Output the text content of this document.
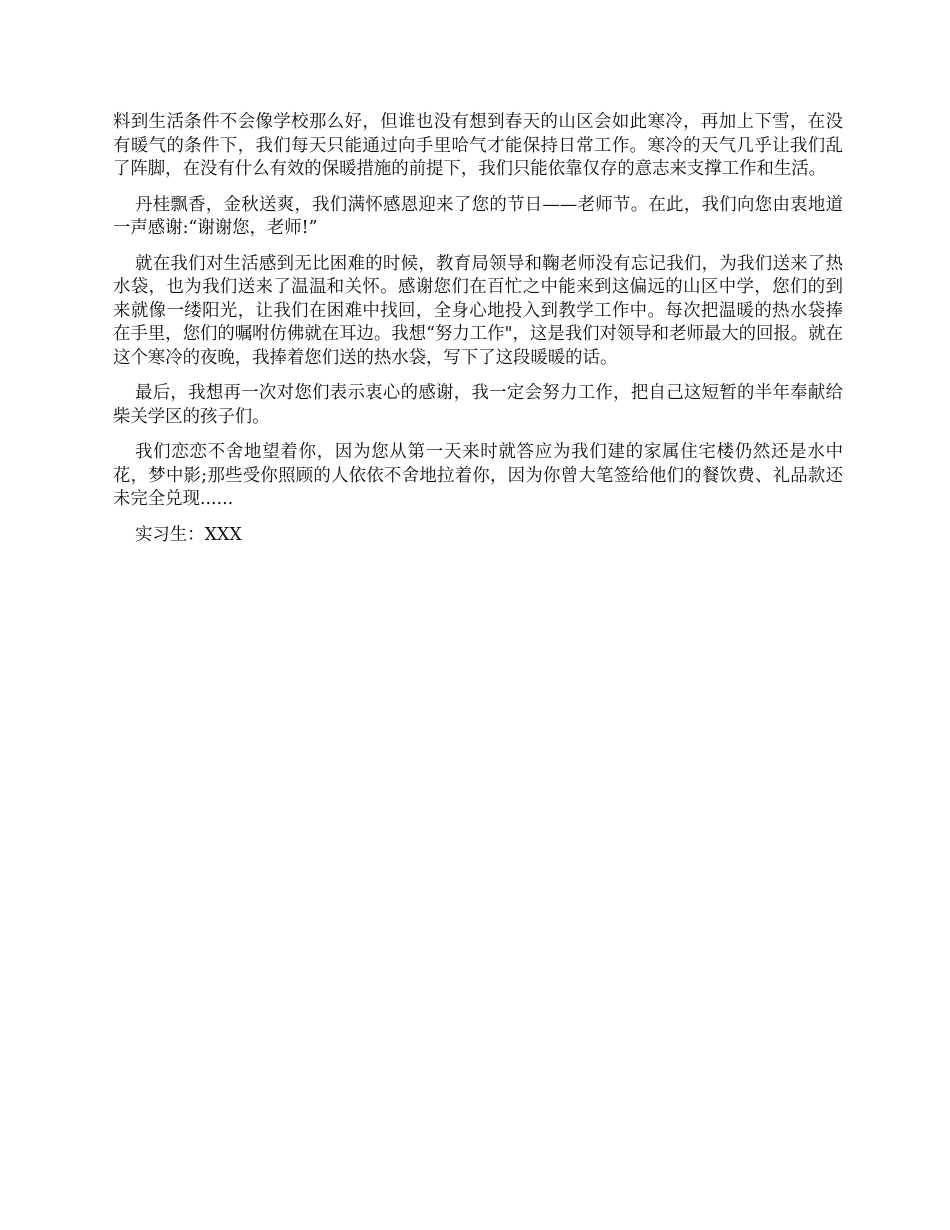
料到生活条件不会像学校那么好，但谁也没有想到春天的山区会如此寒冷，再加上下雪，在没有暖气的条件下，我们每天只能通过向手里哈气才能保持日常工作。寒冷的天气几乎让我们乱了阵脚，在没有什么有效的保暖措施的前提下，我们只能依靠仅存的意志来支撑工作和生活。

丹桂飘香，金秋送爽，我们满怀感恩迎来了您的节日——老师节。在此，我们向您由衷地道一声感谢:“谢谢您，老师!”

就在我们对生活感到无比困难的时候，教育局领导和鞠老师没有忘记我们，为我们送来了热水袋，也为我们送来了温温和关怀。感谢您们在百忙之中能来到这偏远的山区中学，您们的到来就像一缕阳光，让我们在困难中找回，全身心地投入到教学工作中。每次把温暖的热水袋捧在手里，您们的嘱咐仿佛就在耳边。我想“努力工作"，这是我们对领导和老师最大的回报。就在这个寒冷的夜晚，我捧着您们送的热水袋，写下了这段暖暖的话。

最后，我想再一次对您们表示衷心的感谢，我一定会努力工作，把自己这短暂的半年奉献给柴关学区的孩子们。

我们恋恋不舍地望着你，因为您从第一天来时就答应为我们建的家属住宅楼仍然还是水中花，梦中影;那些受你照顾的人依依不舍地拉着你，因为你曾大笔签给他们的餐饮费、礼品款还未完全兑现......

实习生：XXX
